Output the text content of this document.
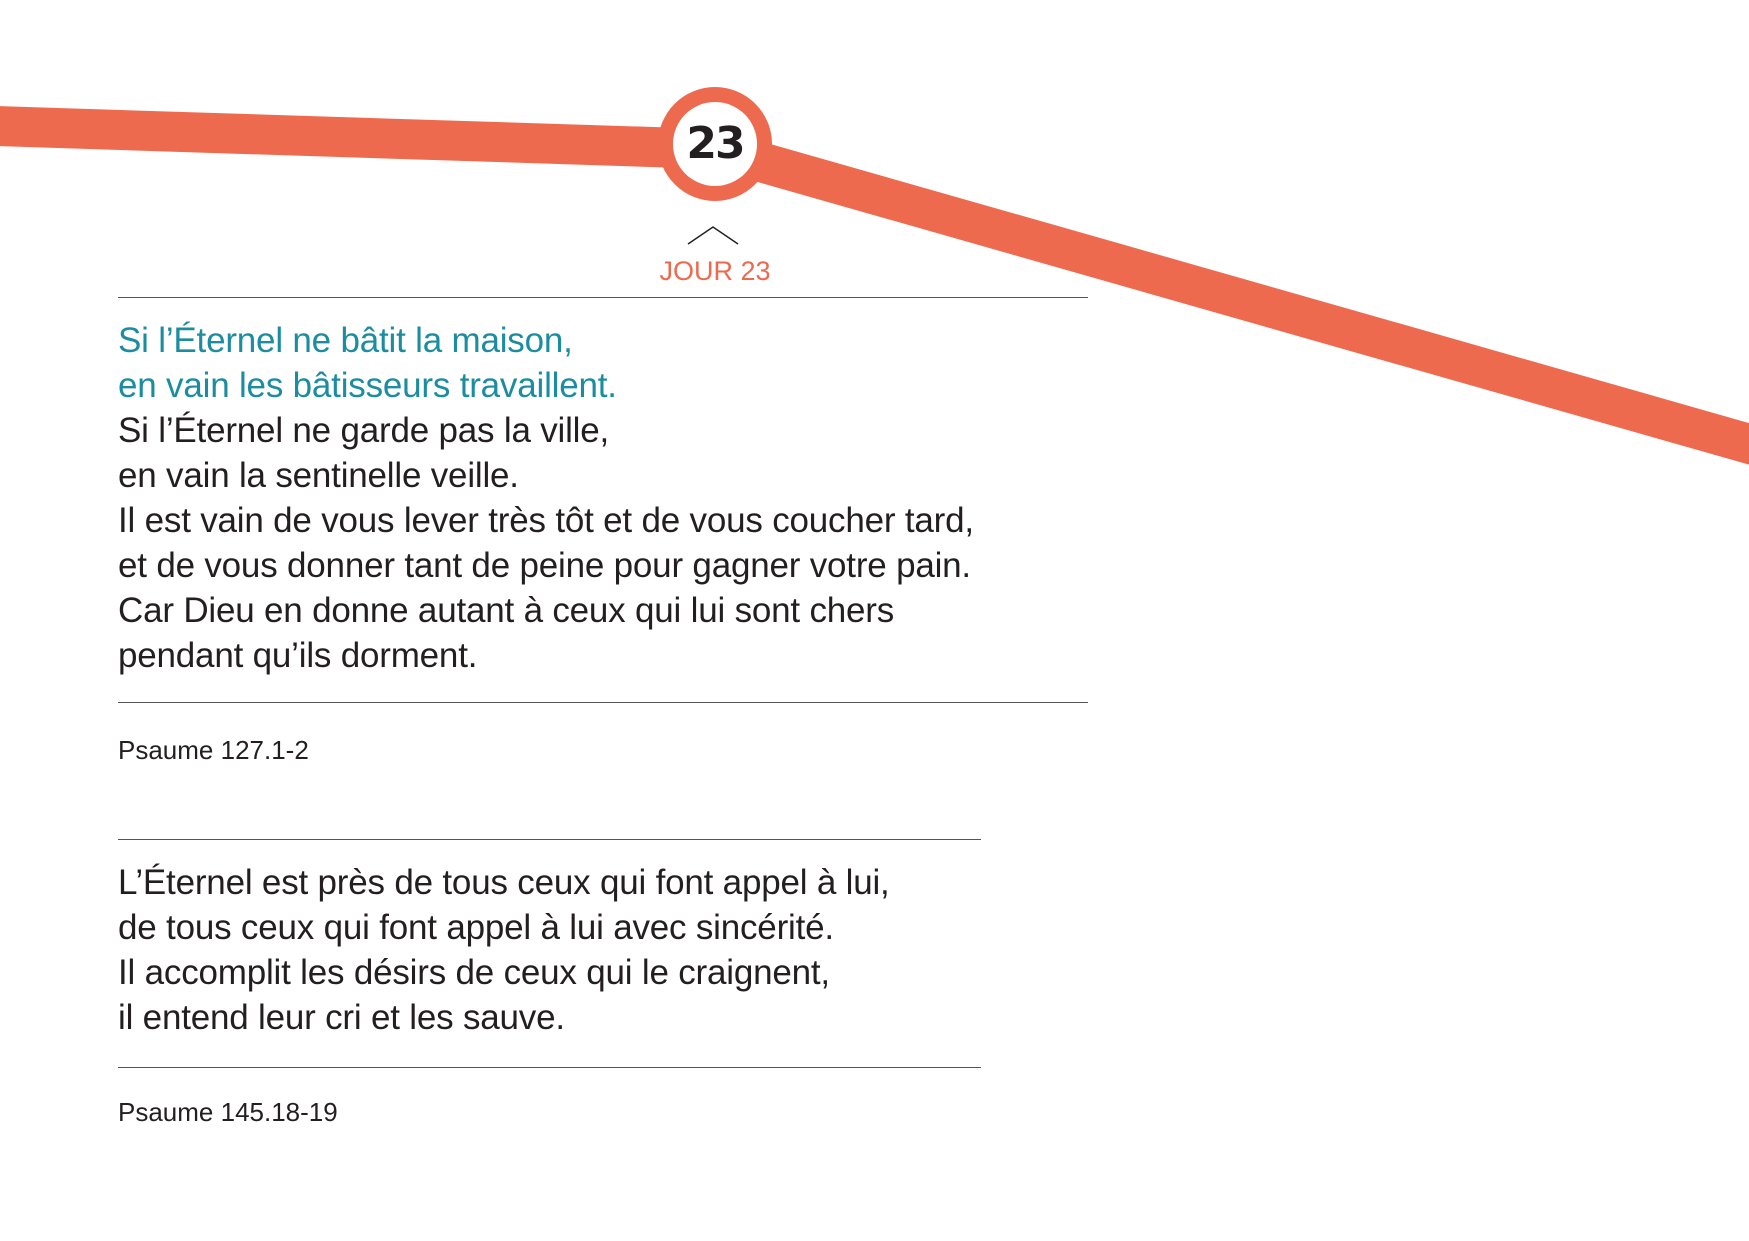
23
JOUR 23
Si l’Éternel ne bâtit la maison,
en vain les bâtisseurs travaillent.
Si l’Éternel ne garde pas la ville,
en vain la sentinelle veille.
Il est vain de vous lever très tôt et de vous coucher tard,
et de vous donner tant de peine pour gagner votre pain.
Car Dieu en donne autant à ceux qui lui sont chers
pendant qu’ils dorment.
Psaume 127.1-2
L’Éternel est près de tous ceux qui font appel à lui,
de tous ceux qui font appel à lui avec sincérité.
Il accomplit les désirs de ceux qui le craignent,
il entend leur cri et les sauve.
Psaume 145.18-19
